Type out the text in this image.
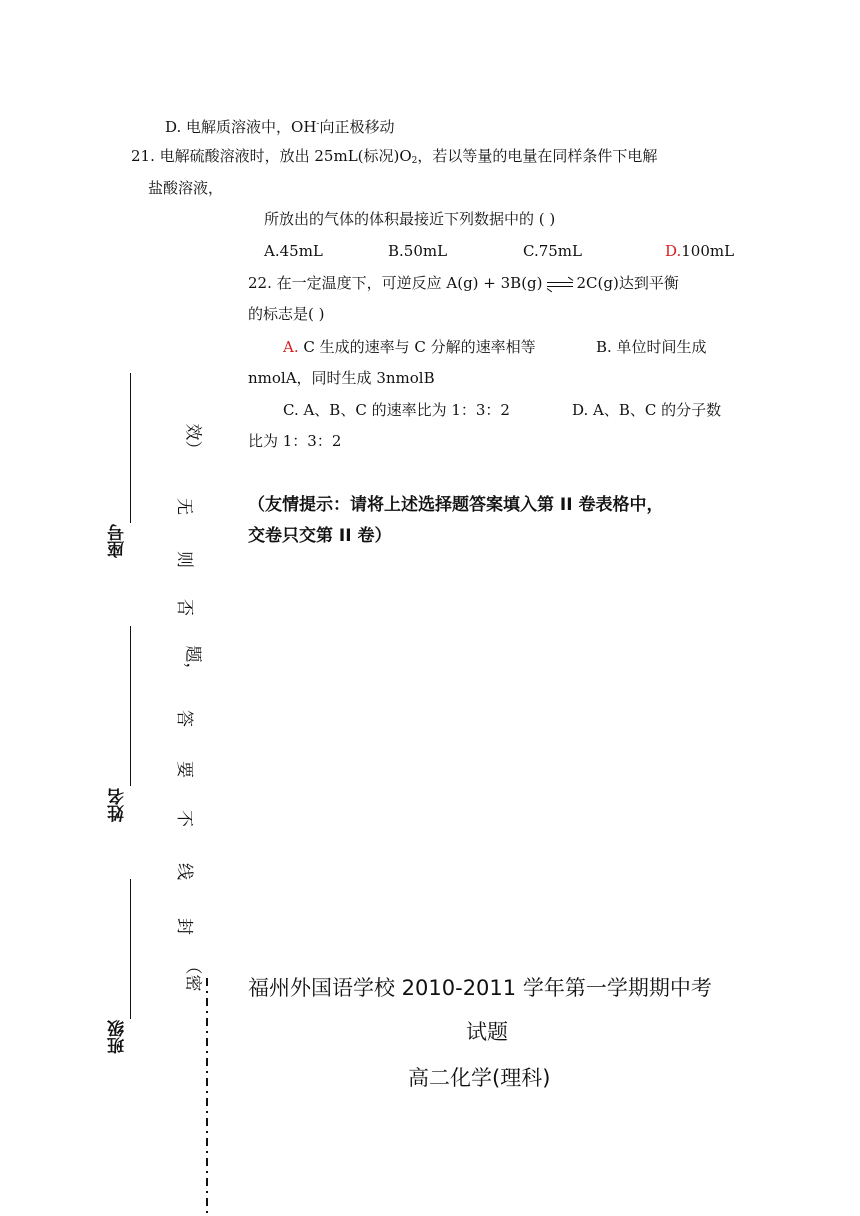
D. 电解质溶液中，OH-向正极移动
21. 电解硫酸溶液时，放出 25mL(标况)$O_2$，若以等量的电量在同样条件下电解
盐酸溶液，
所放出的气体的体积最接近下列数据中的 ( )
A.45mL	B.50mL	C.75mL	D.100mL
22. 在一定温度下，可逆反应 A(g) + 3B(g) 2C(g)达到平衡
的标志是( )
A. C 生成的速率与 C 分解的速率相等	B. 单位时间生成
nmolA，同时生成 3nmolB
C. A、B、C 的速率比为 1：3：2	D. A、B、C 的分子数
比为 1：3：2
（友情提示：请将上述选择题答案填入第 II 卷表格中，
交卷只交第 II 卷）
座号
姓名
班级
效）
无
则
否
题，
答
要
不
线
封
（密 福州外国语学校 2010-2011 学年第一学期期中考
试题
高二化学(理科)
